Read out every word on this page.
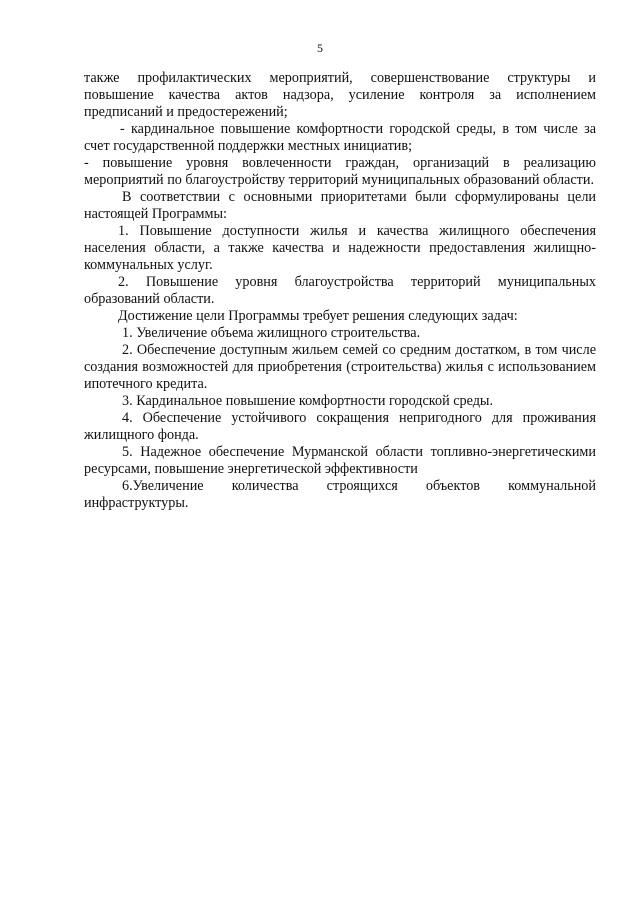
5

также профилактических мероприятий, совершенствование структуры и повышение качества актов надзора, усиление контроля за исполнением предписаний и предостережений;

- кардинальное повышение комфортности городской среды, в том числе за счет государственной поддержки местных инициатив;

- повышение уровня вовлеченности граждан, организаций в реализацию мероприятий по благоустройству территорий муниципальных образований области.

В соответствии с основными приоритетами были сформулированы цели настоящей Программы:

1. Повышение доступности жилья и качества жилищного обеспечения населения области, а также качества и надежности предоставления жилищно-коммунальных услуг.

2. Повышение уровня благоустройства территорий муниципальных образований области.

Достижение цели Программы требует решения следующих задач:

1. Увеличение объема жилищного строительства.

2. Обеспечение доступным жильем семей со средним достатком, в том числе создания возможностей для приобретения (строительства) жилья с использованием ипотечного кредита.

3. Кардинальное повышение комфортности городской среды.

4. Обеспечение устойчивого сокращения непригодного для проживания жилищного фонда.

5. Надежное обеспечение Мурманской области топливно-энергетическими ресурсами, повышение энергетической эффективности

6.Увеличение количества строящихся объектов коммунальной инфраструктуры.
